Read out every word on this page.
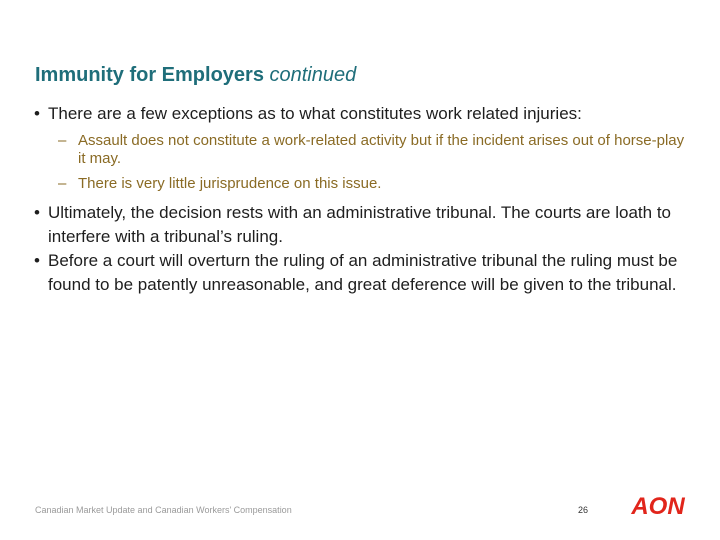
Immunity for Employers continued
• There are a few exceptions as to what constitutes work related injuries:
– Assault does not constitute a work-related activity but if the incident arises out of horse-play it may.
– There is very little jurisprudence on this issue.
• Ultimately, the decision rests with an administrative tribunal. The courts are loath to interfere with a tribunal’s ruling.
• Before a court will overturn the ruling of an administrative tribunal the ruling must be found to be patently unreasonable, and great deference will be given to the tribunal.
Canadian Market Update and Canadian Workers' Compensation	26 AON
